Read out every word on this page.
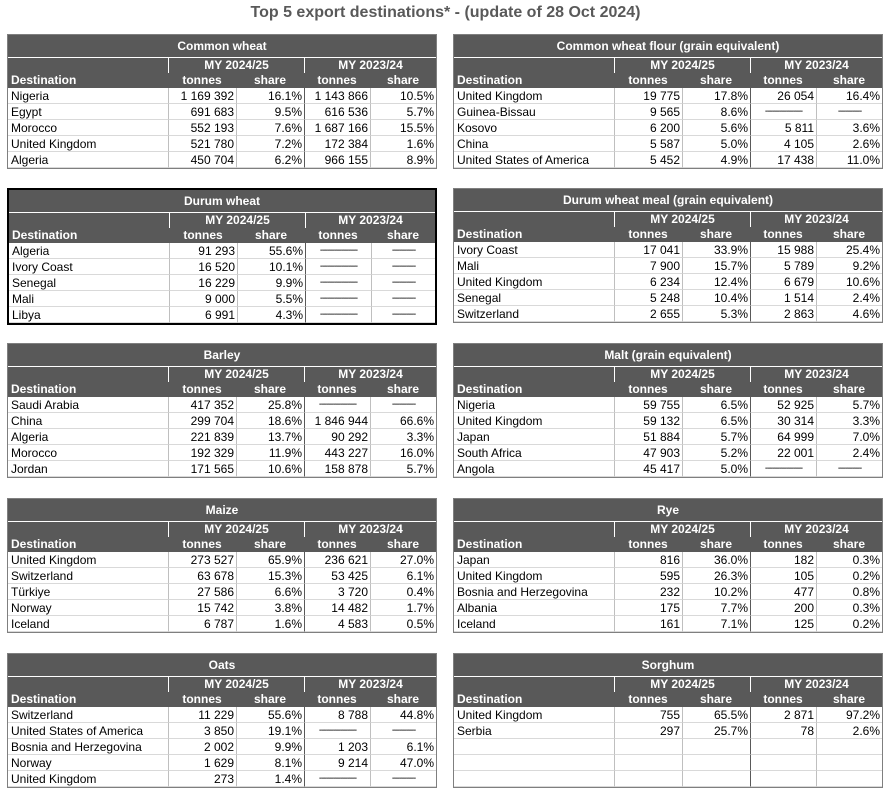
Top 5 export destinations* - (update of 28 Oct 2024)
Common wheat
MY 2024/25	MY 2023/24
Destination	tonnes	share	tonnes	share
Nigeria	1 169 392	16.1%	1 143 866	10.5%
Egypt	691 683	9.5%	616 536	5.7%
Morocco	552 193	7.6%	1 687 166	15.5%
United Kingdom	521 780	7.2%	172 384	1.6%
Algeria	450 704	6.2%	966 155	8.9%
Common wheat flour (grain equivalent)
MY 2024/25	MY 2023/24
Destination	tonnes	share	tonnes	share
United Kingdom	19 775	17.8%	26 054	16.4%
Guinea-Bissau	9 565	8.6%	----------------	----------
Kosovo	6 200	5.6%	5 811	3.6%
China	5 587	5.0%	4 105	2.6%
United States of America	5 452	4.9%	17 438	11.0%
Durum wheat
MY 2024/25	MY 2023/24
Destination	tonnes	share	tonnes	share
Algeria	91 293	55.6%	----------------	----------
Ivory Coast	16 520	10.1%	----------------	----------
Senegal	16 229	9.9%	----------------	----------
Mali	9 000	5.5%	----------------	----------
Libya	6 991	4.3%	----------------	----------
Durum wheat meal (grain equivalent)
MY 2024/25	MY 2023/24
Destination	tonnes	share	tonnes	share
Ivory Coast	17 041	33.9%	15 988	25.4%
Mali	7 900	15.7%	5 789	9.2%
United Kingdom	6 234	12.4%	6 679	10.6%
Senegal	5 248	10.4%	1 514	2.4%
Switzerland	2 655	5.3%	2 863	4.6%
Barley
MY 2024/25	MY 2023/24
Destination	tonnes	share	tonnes	share
Saudi Arabia	417 352	25.8%	----------------	----------
China	299 704	18.6%	1 846 944	66.6%
Algeria	221 839	13.7%	90 292	3.3%
Morocco	192 329	11.9%	443 227	16.0%
Jordan	171 565	10.6%	158 878	5.7%
Malt (grain equivalent)
MY 2024/25	MY 2023/24
Destination	tonnes	share	tonnes	share
Nigeria	59 755	6.5%	52 925	5.7%
United Kingdom	59 132	6.5%	30 314	3.3%
Japan	51 884	5.7%	64 999	7.0%
South Africa	47 903	5.2%	22 001	2.4%
Angola	45 417	5.0%	----------------	----------
Maize
MY 2024/25	MY 2023/24
Destination	tonnes	share	tonnes	share
United Kingdom	273 527	65.9%	236 621	27.0%
Switzerland	63 678	15.3%	53 425	6.1%
Türkiye	27 586	6.6%	3 720	0.4%
Norway	15 742	3.8%	14 482	1.7%
Iceland	6 787	1.6%	4 583	0.5%
Rye
MY 2024/25	MY 2023/24
Destination	tonnes	share	tonnes	share
Japan	816	36.0%	182	0.3%
United Kingdom	595	26.3%	105	0.2%
Bosnia and Herzegovina	232	10.2%	477	0.8%
Albania	175	7.7%	200	0.3%
Iceland	161	7.1%	125	0.2%
Oats
MY 2024/25	MY 2023/24
Destination	tonnes	share	tonnes	share
Switzerland	11 229	55.6%	8 788	44.8%
United States of America	3 850	19.1%	----------------	----------
Bosnia and Herzegovina	2 002	9.9%	1 203	6.1%
Norway	1 629	8.1%	9 214	47.0%
United Kingdom	273	1.4%	----------------	----------
Sorghum
MY 2024/25	MY 2023/24
Destination	tonnes	share	tonnes	share
United Kingdom	755	65.5%	2 871	97.2%
Serbia	297	25.7%	78	2.6%
